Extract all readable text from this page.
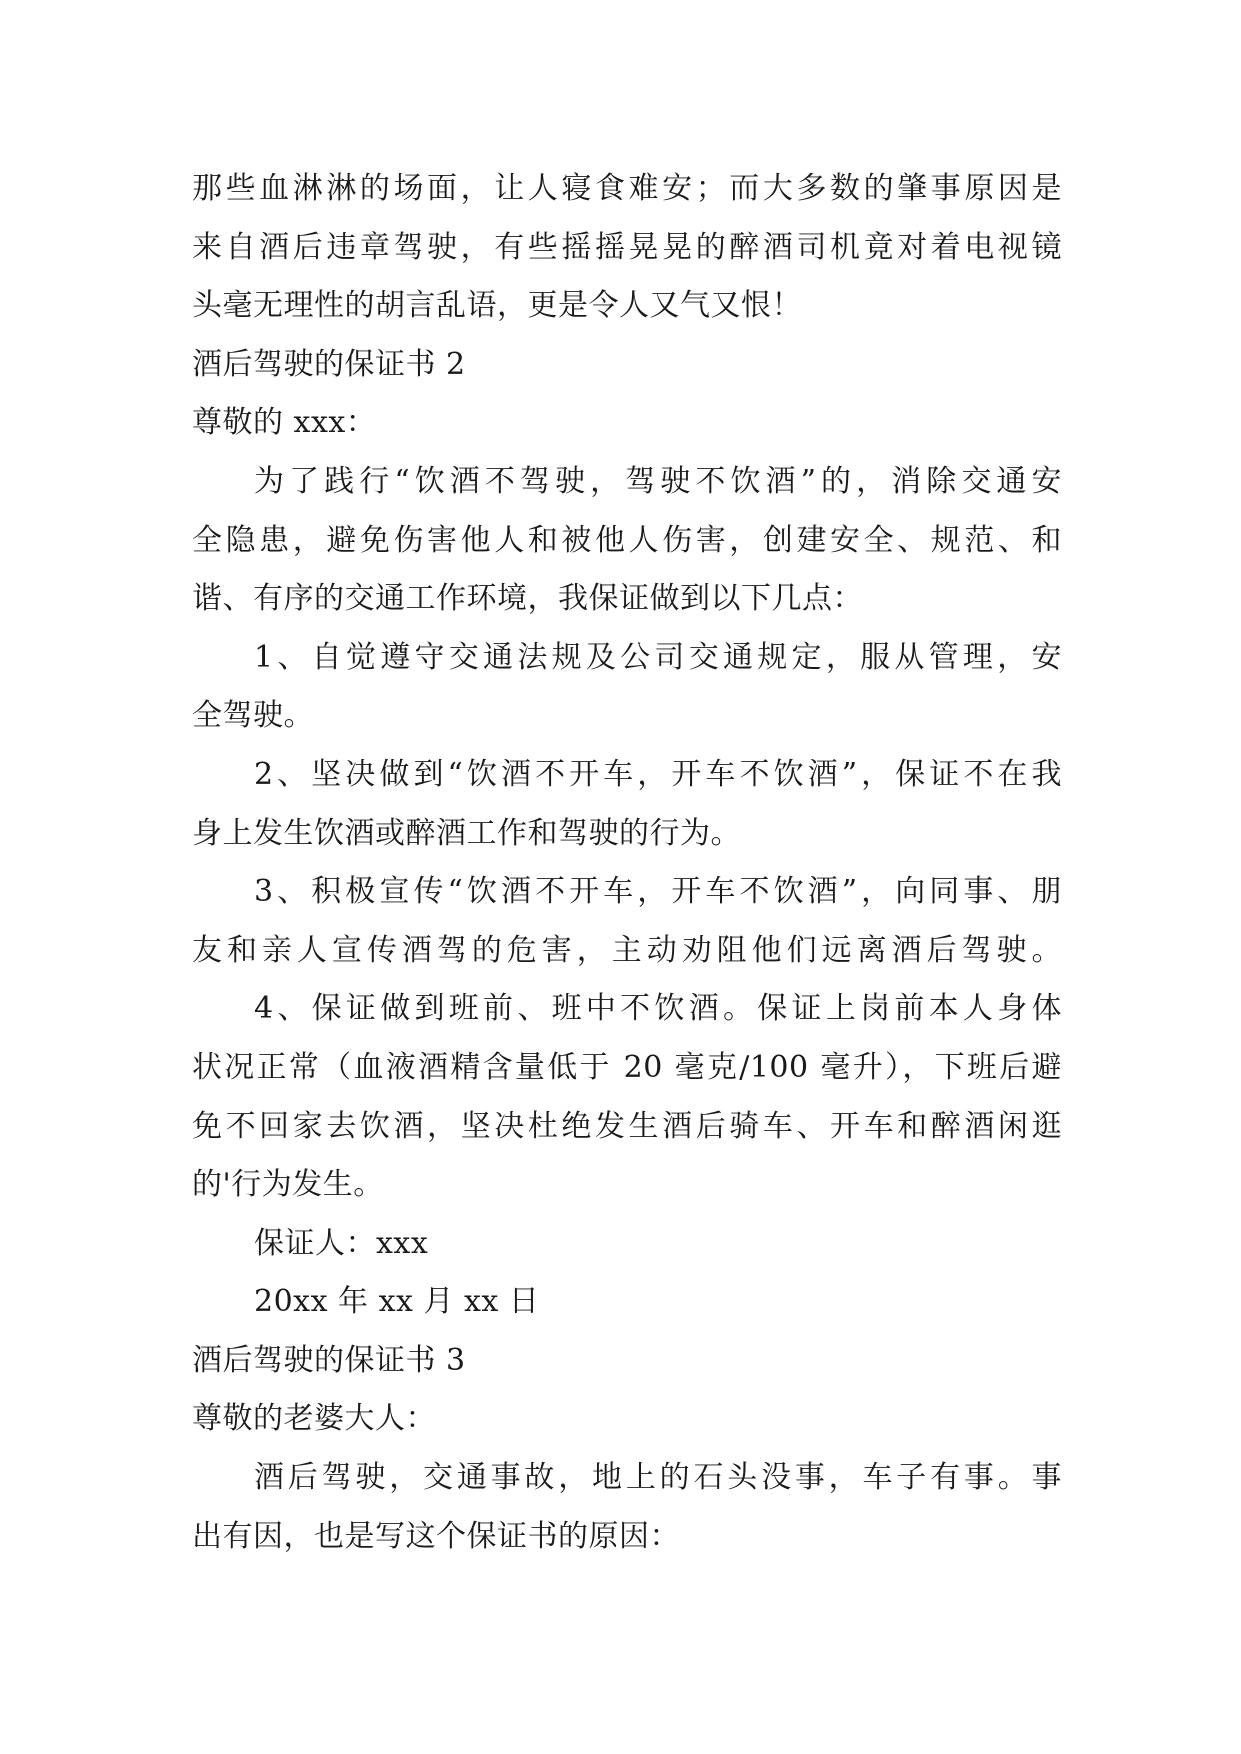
那些血淋淋的场面，让人寝食难安；而大多数的肇事原因是
来自酒后违章驾驶，有些摇摇晃晃的醉酒司机竟对着电视镜
头毫无理性的胡言乱语，更是令人又气又恨！
酒后驾驶的保证书 2
尊敬的 xxx：
为了践行“饮酒不驾驶，驾驶不饮酒”的，消除交通安
全隐患，避免伤害他人和被他人伤害，创建安全、规范、和
谐、有序的交通工作环境，我保证做到以下几点：
1、自觉遵守交通法规及公司交通规定，服从管理，安
全驾驶。
2、坚决做到“饮酒不开车，开车不饮酒”，保证不在我
身上发生饮酒或醉酒工作和驾驶的行为。
3、积极宣传“饮酒不开车，开车不饮酒”，向同事、朋
友和亲人宣传酒驾的危害，主动劝阻他们远离酒后驾驶。
4、保证做到班前、班中不饮酒。保证上岗前本人身体
状况正常（血液酒精含量低于 20 毫克/100 毫升），下班后避
免不回家去饮酒，坚决杜绝发生酒后骑车、开车和醉酒闲逛
的'行为发生。
保证人：xxx
20xx 年 xx 月 xx 日
酒后驾驶的保证书 3
尊敬的老婆大人：
酒后驾驶，交通事故，地上的石头没事，车子有事。事
出有因，也是写这个保证书的原因：
